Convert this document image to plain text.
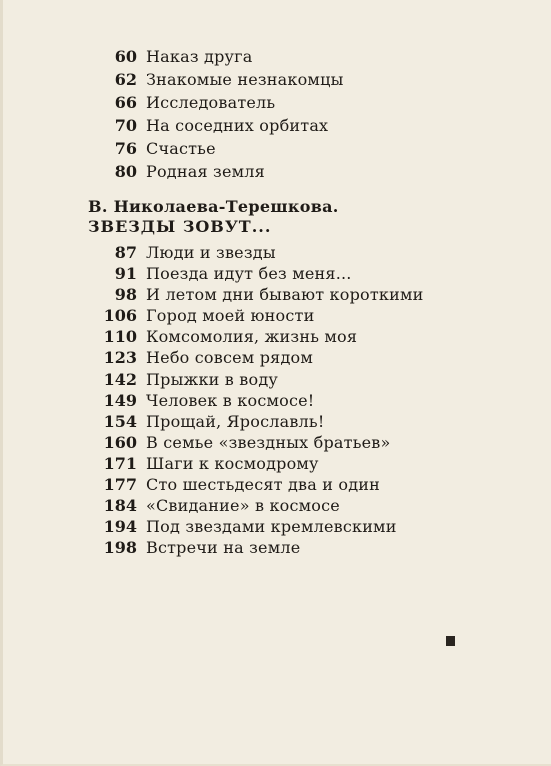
60 Наказ друга
62 Знакомые незнакомцы
66 Исследователь
70 На соседних орбитах
76 Счастье
80 Родная земля
В. Николаева-Терешкова.
ЗВЕЗДЫ ЗОВУТ...
87 Люди и звезды
91 Поезда идут без меня...
98 И летом дни бывают короткими
106 Город моей юности
110 Комсомолия, жизнь моя
123 Небо совсем рядом
142 Прыжки в воду
149 Человек в космосе!
154 Прощай, Ярославль!
160 В семье «звездных братьев»
171 Шаги к космодрому
177 Сто шестьдесят два и один
184 «Свидание» в космосе
194 Под звездами кремлевскими
198 Встречи на земле
